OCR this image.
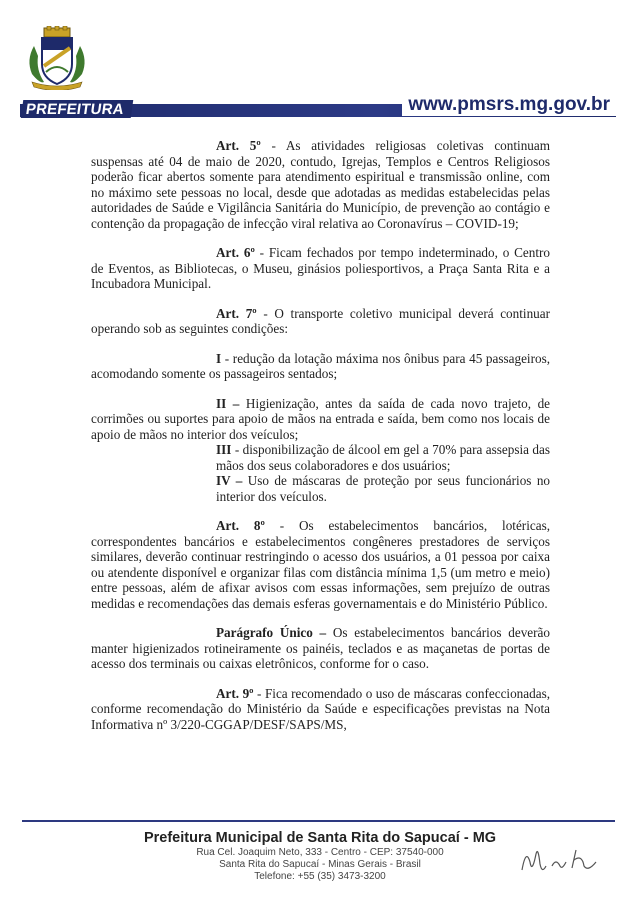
PREFEITURA	www.pmsrs.mg.gov.br

Art. 5º - As atividades religiosas coletivas continuam suspensas até 04 de maio de 2020, contudo, Igrejas, Templos e Centros Religiosos poderão ficar abertos somente para atendimento espiritual e transmissão online, com no máximo sete pessoas no local, desde que adotadas as medidas estabelecidas pelas autoridades de Saúde e Vigilância Sanitária do Município, de prevenção ao contágio e contenção da propagação de infecção viral relativa ao Coronavírus – COVID-19;

Art. 6º - Ficam fechados por tempo indeterminado, o Centro de Eventos, as Bibliotecas, o Museu, ginásios poliesportivos, a Praça Santa Rita e a Incubadora Municipal.

Art. 7º - O transporte coletivo municipal deverá continuar operando sob as seguintes condições:

I - redução da lotação máxima nos ônibus para 45 passageiros, acomodando somente os passageiros sentados;

II – Higienização, antes da saída de cada novo trajeto, de corrimões ou suportes para apoio de mãos na entrada e saída, bem como nos locais de apoio de mãos no interior dos veículos;

III - disponibilização de álcool em gel a 70% para assepsia das mãos dos seus colaboradores e dos usuários;

IV – Uso de máscaras de proteção por seus funcionários no interior dos veículos.

Art. 8º - Os estabelecimentos bancários, lotéricas, correspondentes bancários e estabelecimentos congêneres prestadores de serviços similares, deverão continuar restringindo o acesso dos usuários, a 01 pessoa por caixa ou atendente disponível e organizar filas com distância mínima 1,5 (um metro e meio) entre pessoas, além de afixar avisos com essas informações, sem prejuízo de outras medidas e recomendações das demais esferas governamentais e do Ministério Público.

Parágrafo Único – Os estabelecimentos bancários deverão manter higienizados rotineiramente os painéis, teclados e as maçanetas de portas de acesso dos terminais ou caixas eletrônicos, conforme for o caso.

Art. 9º - Fica recomendado o uso de máscaras confeccionadas, conforme recomendação do Ministério da Saúde e especificações previstas na Nota Informativa nº 3/220-CGGAP/DESF/SAPS/MS,

Prefeitura Municipal de Santa Rita do Sapucaí - MG
Rua Cel. Joaquim Neto, 333 - Centro - CEP: 37540-000
Santa Rita do Sapucaí - Minas Gerais - Brasil
Telefone: +55 (35) 3473-3200
